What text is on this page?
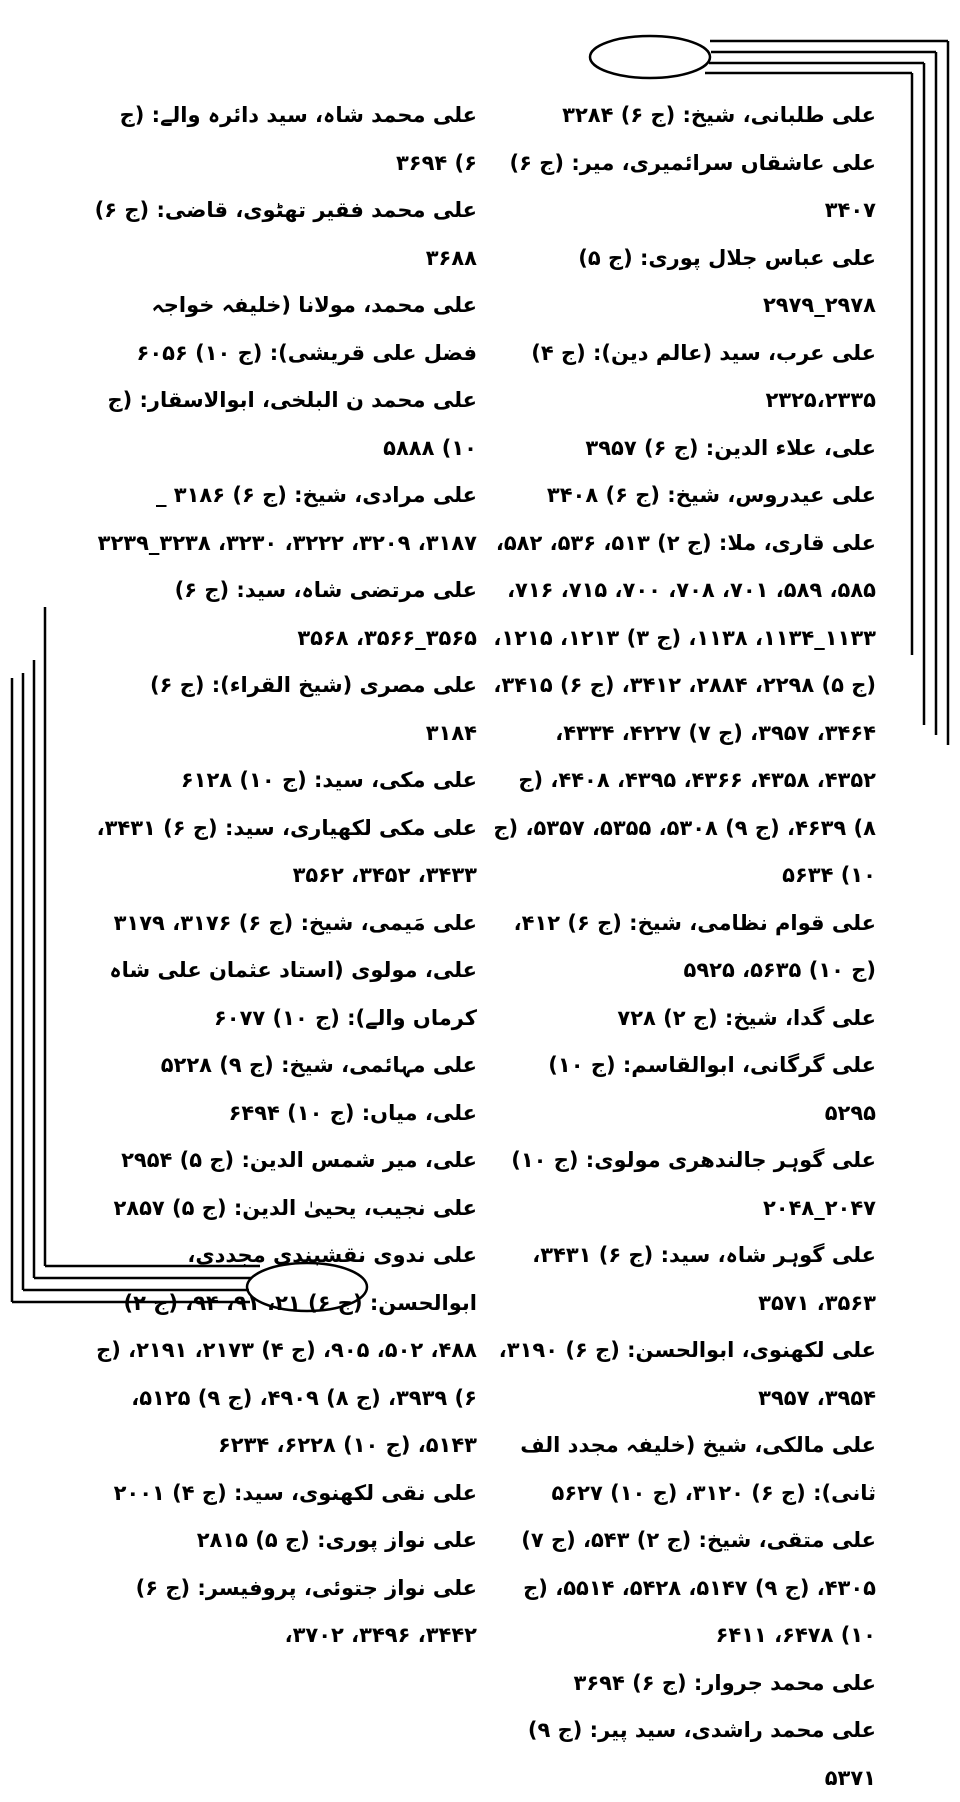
علی طلبانی، شیخ: (ج ۶) ۳۲۸۴
علی عاشقاں سرائمیری، میر: (ج ۶) ۳۴۰۷
علی عباس جلال پوری: (ج ۵) ۲۹۷۸_۲۹۷۹
علی عرب، سید (عالم دین): (ج ۴) ۲۳۲۵،۲۳۳۵
علی، علاء الدین: (ج ۶) ۳۹۵۷
علی عیدروس، شیخ: (ج ۶) ۳۴۰۸
علی قاری، ملا: (ج ۲) ۵۱۳، ۵۳۶، ۵۸۲، ۵۸۵، ۵۸۹، ۷۰۱، ۷۰۸، ۷۰۰، ۷۱۵، ۷۱۶، ۱۱۳۳_۱۱۳۴، ۱۱۳۸، (ج ۳) ۱۲۱۳، ۱۲۱۵، (ج ۵) ۲۲۹۸، ۲۸۸۴، ۳۴۱۲، (ج ۶) ۳۴۱۵، ۳۴۶۴، ۳۹۵۷، (ج ۷) ۴۲۲۷، ۴۳۳۴، ۴۳۵۲، ۴۳۵۸، ۴۳۶۶، ۴۳۹۵، ۴۴۰۸، (ج ۸) ۴۶۳۹، (ج ۹) ۵۳۰۸، ۵۳۵۵، ۵۳۵۷، (ج ۱۰) ۵۶۳۴
علی قوام نظامی، شیخ: (ج ۶) ۴۱۲، (ج ۱۰) ۵۶۳۵، ۵۹۲۵
علی گدا، شیخ: (ج ۲) ۷۲۸
علی گرگانی، ابوالقاسم: (ج ۱۰) ۵۲۹۵
علی گوہر جالندھری مولوی: (ج ۱۰) ۲۰۴۷_۲۰۴۸
علی گوہر شاہ، سید: (ج ۶) ۳۴۳۱، ۳۵۶۳، ۳۵۷۱
علی لکھنوی، ابوالحسن: (ج ۶) ۳۱۹۰، ۳۹۵۴، ۳۹۵۷
علی مالکی، شیخ (خلیفہ مجدد الف ثانی): (ج ۶) ۳۱۲۰، (ج ۱۰) ۵۶۲۷
علی متقی، شیخ: (ج ۲) ۵۴۳، (ج ۷) ۴۳۰۵، (ج ۹) ۵۱۴۷، ۵۴۲۸، ۵۵۱۴، (ج ۱۰) ۶۴۷۸، ۶۴۱۱
علی محمد جروار: (ج ۶) ۳۶۹۴
علی محمد راشدی، سید پیر: (ج ۹) ۵۳۷۱
علی محمد شاہ، سید دائرہ والے: (ج ۶) ۳۶۹۴
علی محمد فقیر تھٹوی، قاضی: (ج ۶) ۳۶۸۸
علی محمد، مولانا (خلیفہ خواجہ فضل علی قریشی): (ج ۱۰) ۶۰۵۶
علی محمد ن البلخی، ابوالاسقار: (ج ۱۰) ۵۸۸۸
علی مرادی، شیخ: (ج ۶) ۳۱۸۶ _ ۳۱۸۷، ۳۲۰۹، ۳۲۲۲، ۳۲۳۰، ۳۲۳۸_۳۲۳۹
علی مرتضی شاہ، سید: (ج ۶) ۳۵۶۵_۳۵۶۶، ۳۵۶۸
علی مصری (شیخ القراء): (ج ۶) ۳۱۸۴
علی مکی، سید: (ج ۱۰) ۶۱۲۸
علی مکی لکھیاری، سید: (ج ۶) ۳۴۳۱، ۳۴۳۳، ۳۴۵۲، ۳۵۶۲
علی مَیمی، شیخ: (ج ۶) ۳۱۷۶، ۳۱۷۹
علی، مولوی (استاد عثمان علی شاہ کرماں والے): (ج ۱۰) ۶۰۷۷
علی مہائمی، شیخ: (ج ۹) ۵۲۲۸
علی، میاں: (ج ۱۰) ۶۴۹۴
علی، میر شمس الدین: (ج ۵) ۲۹۵۴
علی نجیب، یحییٰ الدین: (ج ۵) ۲۸۵۷
علی ندوی نقشبندی مجددی، ابوالحسن: (ج ۶) ۲۱، ۹۱، ۹۴، (ج ۲) ۴۸۸، ۵۰۲، ۹۰۵، (ج ۴) ۲۱۷۳، ۲۱۹۱، (ج ۶) ۳۹۳۹، (ج ۸) ۴۹۰۹، (ج ۹) ۵۱۲۵، ۵۱۴۳، (ج ۱۰) ۶۲۲۸، ۶۲۳۴
علی نقی لکھنوی، سید: (ج ۴) ۲۰۰۱
علی نواز پوری: (ج ۵) ۲۸۱۵
علی نواز جتوئی، پروفیسر: (ج ۶) ۳۴۴۲، ۳۴۹۶، ۳۷۰۲،
